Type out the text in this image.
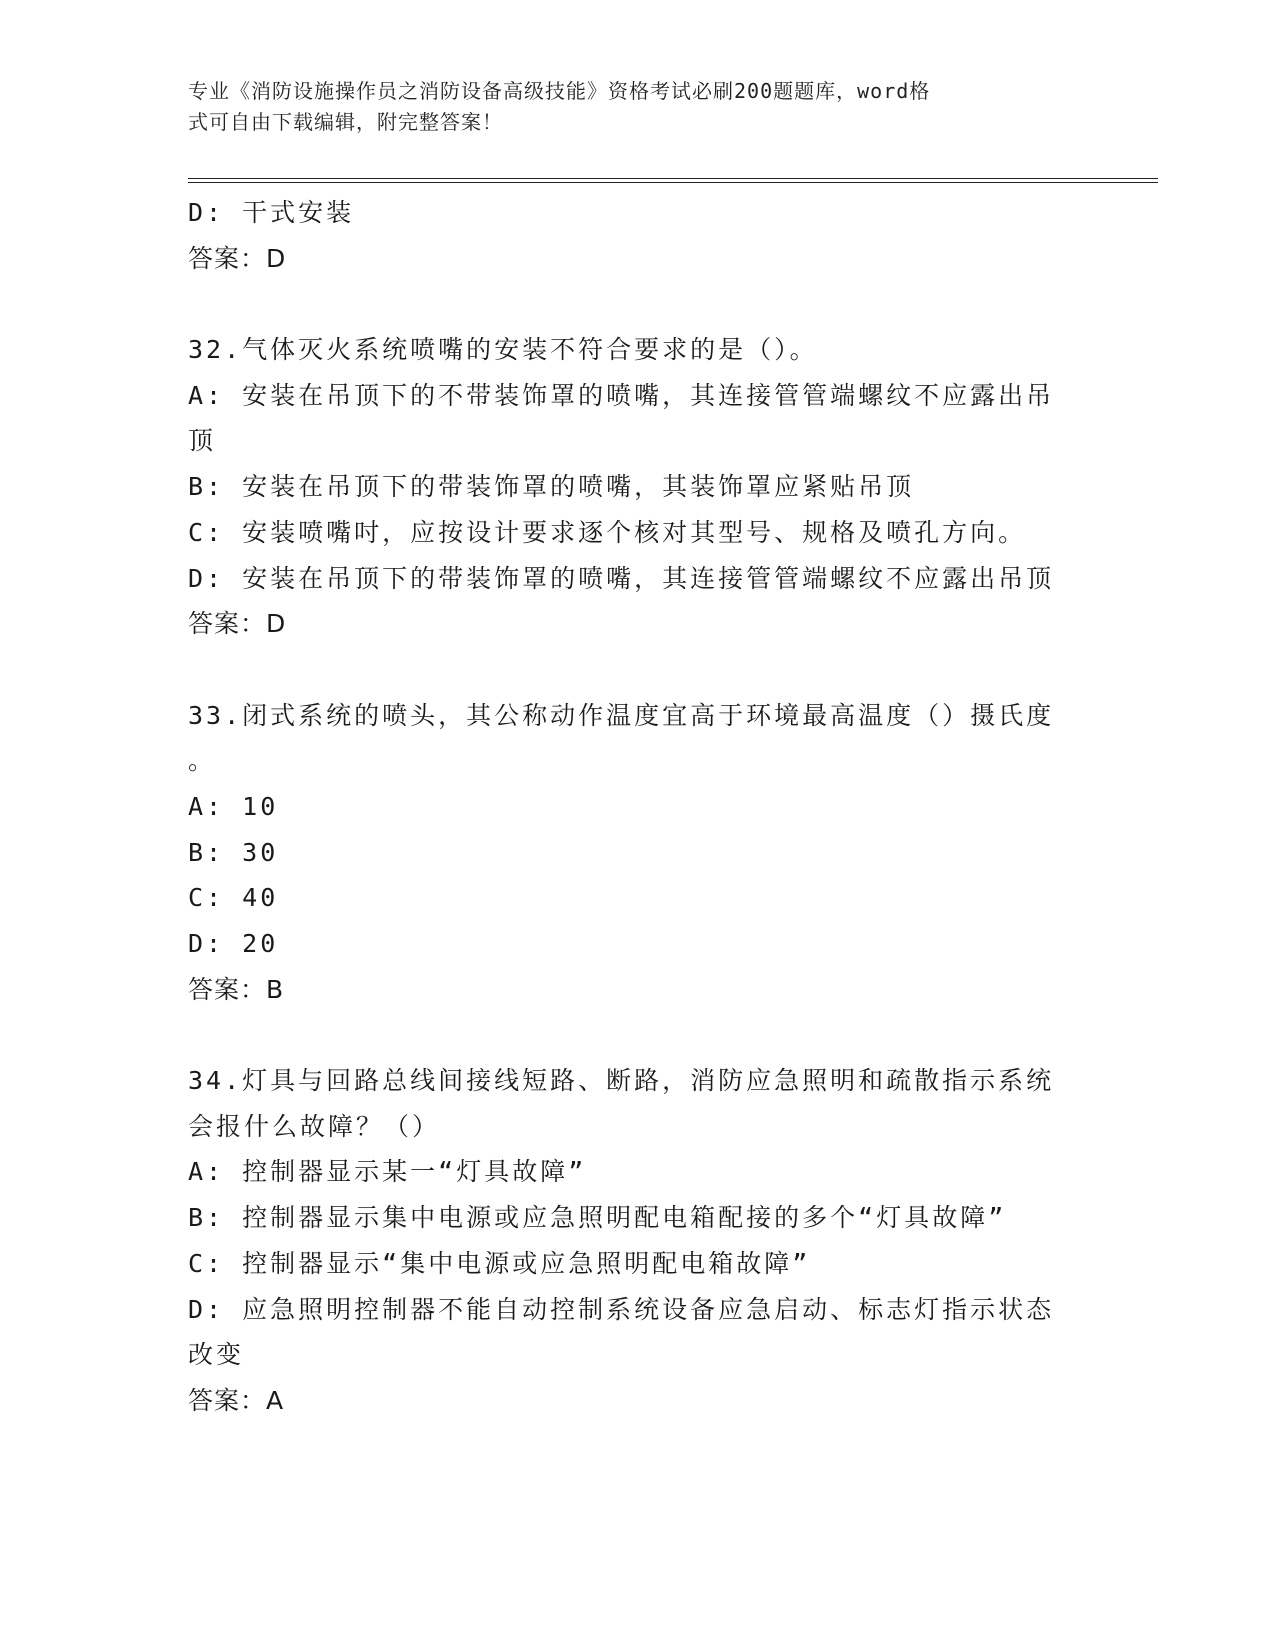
专业《消防设施操作员之消防设备高级技能》资格考试必刷200题题库，word格
式可自由下载编辑，附完整答案！
D: 干式安装
答案：D
32.气体灭火系统喷嘴的安装不符合要求的是（）。
A: 安装在吊顶下的不带装饰罩的喷嘴，其连接管管端螺纹不应露出吊
顶
B: 安装在吊顶下的带装饰罩的喷嘴，其装饰罩应紧贴吊顶
C: 安装喷嘴吋，应按设计要求逐个核对其型号、规格及喷孔方向。
D: 安装在吊顶下的带装饰罩的喷嘴，其连接管管端螺纹不应露出吊顶
答案：D
33.闭式系统的喷头，其公称动作温度宜高于环境最高温度（）摄氏度
。
A: 10
B: 30
C: 40
D: 20
答案：B
34.灯具与回路总线间接线短路、断路，消防应急照明和疏散指示系统
会报什么故障？（）
A: 控制器显示某一“灯具故障”
B: 控制器显示集中电源或应急照明配电箱配接的多个“灯具故障”
C: 控制器显示“集中电源或应急照明配电箱故障”
D: 应急照明控制器不能自动控制系统设备应急启动、标志灯指示状态
改变
答案：A
